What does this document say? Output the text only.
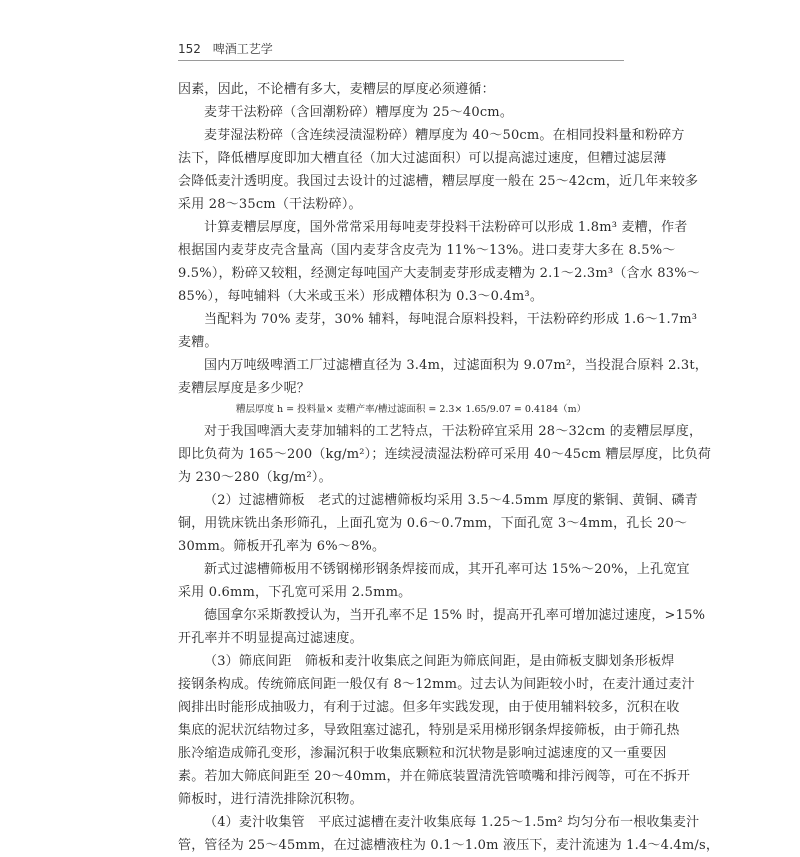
152 啤酒工艺学
因素，因此，不论槽有多大，麦糟层的厚度必须遵循：
麦芽干法粉碎（含回潮粉碎）糟厚度为 25～40cm。
麦芽湿法粉碎（含连续浸渍湿粉碎）糟厚度为 40～50cm。在相同投料量和粉碎方
法下，降低槽厚度即加大槽直径（加大过滤面积）可以提高滤过速度，但糟过滤层薄
会降低麦汁透明度。我国过去设计的过滤槽，糟层厚度一般在 25～42cm，近几年来较多
采用 28～35cm（干法粉碎）。
计算麦糟层厚度，国外常常采用每吨麦芽投料干法粉碎可以形成 1.8m³ 麦糟，作者
根据国内麦芽皮壳含量高（国内麦芽含皮壳为 11%～13%。进口麦芽大多在 8.5%～
9.5%），粉碎又较粗，经测定每吨国产大麦制麦芽形成麦糟为 2.1～2.3m³（含水 83%～
85%），每吨辅料（大米或玉米）形成糟体积为 0.3～0.4m³。
当配料为 70% 麦芽，30% 辅料，每吨混合原料投料，干法粉碎约形成 1.6～1.7m³
麦糟。
国内万吨级啤酒工厂过滤槽直径为 3.4m，过滤面积为 9.07m²，当投混合原料 2.3t，
麦糟层厚度是多少呢？
糟层厚度 h = 投料量× 麦糟产率/槽过滤面积 = 2.3× 1.65/9.07 = 0.4184（m）
对于我国啤酒大麦芽加辅料的工艺特点，干法粉碎宜采用 28～32cm 的麦糟层厚度，
即比负荷为 165～200（kg/m²）；连续浸渍湿法粉碎可采用 40～45cm 糟层厚度，比负荷
为 230～280（kg/m²）。
（2）过滤槽筛板　老式的过滤槽筛板均采用 3.5～4.5mm 厚度的紫铜、黄铜、磷青
铜，用铣床铣出条形筛孔，上面孔宽为 0.6～0.7mm，下面孔宽 3～4mm，孔长 20～
30mm。筛板开孔率为 6%～8%。
新式过滤槽筛板用不锈钢梯形钢条焊接而成，其开孔率可达 15%～20%，上孔宽宜
采用 0.6mm，下孔宽可采用 2.5mm。
德国拿尔采斯教授认为，当开孔率不足 15% 时，提高开孔率可增加滤过速度，>15%
开孔率并不明显提高过滤速度。
（3）筛底间距　筛板和麦汁收集底之间距为筛底间距，是由筛板支脚划条形板焊
接钢条构成。传统筛底间距一般仅有 8～12mm。过去认为间距较小时，在麦汁通过麦汁
阀排出时能形成抽吸力，有利于过滤。但多年实践发现，由于使用辅料较多，沉积在收
集底的泥状沉结物过多，导致阻塞过滤孔，特别是采用梯形钢条焊接筛板，由于筛孔热
胀冷缩造成筛孔变形，渗漏沉积于收集底颗粒和沉状物是影响过滤速度的又一重要因
素。若加大筛底间距至 20～40mm，并在筛底装置清洗管喷嘴和排污阀等，可在不拆开
筛板时，进行清洗排除沉积物。
（4）麦汁收集管　平底过滤槽在麦汁收集底每 1.25～1.5m² 均匀分布一根收集麦汁
管，管径为 25～45mm，在过滤槽液柱为 0.1～1.0m 液压下，麦汁流速为 1.4～4.4m/s，
